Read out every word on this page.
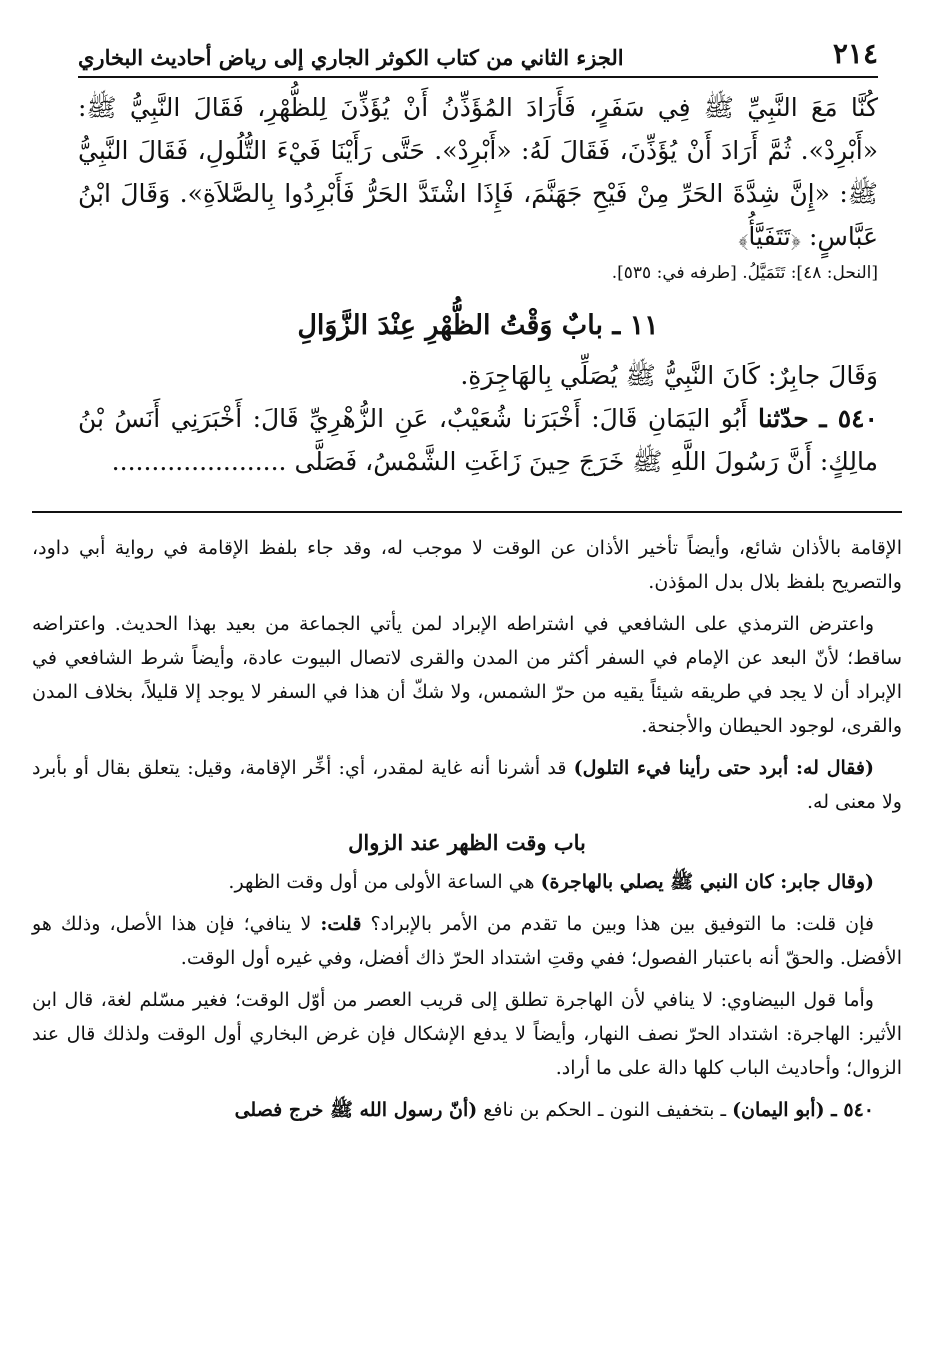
٢١٤
الجزء الثاني من كتاب الكوثر الجاري إلى رياض أحاديث البخاري

كُنَّا مَعَ النَّبِيِّ ﷺ فِي سَفَرٍ، فَأَرَادَ المُؤَذِّنُ أَنْ يُؤَذِّنَ لِلظُّهْرِ، فَقَالَ النَّبِيُّ ﷺ: «أَبْرِدْ». ثُمَّ أَرَادَ أَنْ يُؤَذِّنَ، فَقَالَ لَهُ: «أَبْرِدْ». حَتَّى رَأَيْنَا فَيْءَ التُّلُولِ، فَقَالَ النَّبِيُّ ﷺ: «إِنَّ شِدَّةَ الحَرِّ مِنْ فَيْحِ جَهَنَّمَ، فَإِذَا اشْتَدَّ الحَرُّ فَأَبْرِدُوا بِالصَّلاَةِ». وَقَالَ ابْنُ عَبَّاسٍ: ﴿تَتَفَيَّأُ﴾

[النحل: ٤٨]: تَتَمَيَّلُ. [طرفه في: ٥٣٥].
١١ ـ بابٌ وَقْتُ الظُّهْرِ عِنْدَ الزَّوَالِ

وَقَالَ جابِرٌ: كَانَ النَّبِيُّ ﷺ يُصَلِّي بِالهَاجِرَةِ.

٥٤٠ ـ حدّثنا أَبُو اليَمَانِ قَالَ: أَخْبَرَنا شُعَيْبٌ، عَنِ الزُّهْرِيِّ قَالَ: أَخْبَرَنِي أَنَسُ بْنُ مالِكٍ: أَنَّ رَسُولَ اللَّهِ ﷺ خَرَجَ حِينَ زَاغَتِ الشَّمْسُ، فَصَلَّى ......................

الإقامة بالأذان شائع، وأيضاً تأخير الأذان عن الوقت لا موجب له، وقد جاء بلفظ الإقامة في رواية أبي داود، والتصريح بلفظ بلال بدل المؤذن.

واعترض الترمذي على الشافعي في اشتراطه الإبراد لمن يأتي الجماعة من بعيد بهذا الحديث. واعتراضه ساقط؛ لأنّ البعد عن الإمام في السفر أكثر من المدن والقرى لاتصال البيوت عادة، وأيضاً شرط الشافعي في الإبراد أن لا يجد في طريقه شيئاً يقيه من حرّ الشمس، ولا شكّ أن هذا في السفر لا يوجد إلا قليلاً، بخلاف المدن والقرى، لوجود الحيطان والأجنحة.

(فقال له: أبرد حتى رأينا فيء التلول) قد أشرنا أنه غاية لمقدر، أي: أخِّر الإقامة، وقيل: يتعلق بقال أو بأبرد ولا معنى له.

باب وقت الظهر عند الزوال

(وقال جابر: كان النبي ﷺ يصلي بالهاجرة) هي الساعة الأولى من أول وقت الظهر.

فإن قلت: ما التوفيق بين هذا وبين ما تقدم من الأمر بالإبراد؟ قلت: لا ينافي؛ فإن هذا الأصل، وذلك هو الأفضل. والحقّ أنه باعتبار الفصول؛ ففي وقتِ اشتداد الحرّ ذاك أفضل، وفي غيره أول الوقت.

وأما قول البيضاوي: لا ينافي لأن الهاجرة تطلق إلى قريب العصر من أوّل الوقت؛ فغير مسّلم لغة، قال ابن الأثير: الهاجرة: اشتداد الحرّ نصف النهار، وأيضاً لا يدفع الإشكال فإن غرض البخاري أول الوقت ولذلك قال عند الزوال؛ وأحاديث الباب كلها دالة على ما أراد.

٥٤٠ ـ (أبو اليمان) ـ بتخفيف النون ـ الحكم بن نافع (أنّ رسول الله ﷺ خرج فصلى
